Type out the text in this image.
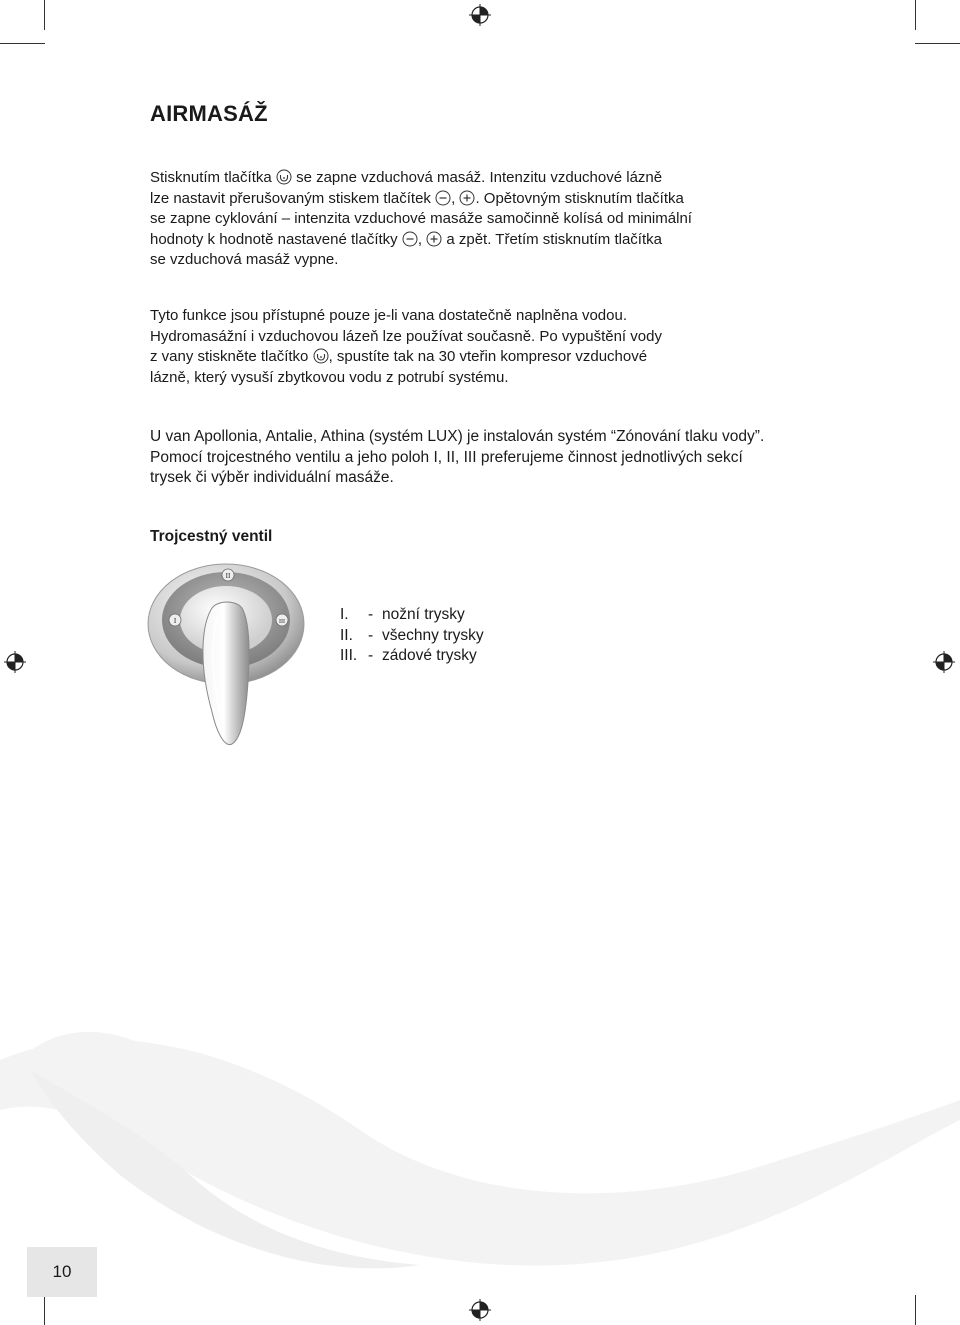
AIRMASÁŽ
Stisknutím tlačítka se zapne vzduchová masáž. Intenzitu vzduchové lázně
lze nastavit přerušovaným stiskem tlačítek , . Opětovným stisknutím tlačítka
se zapne cyklování – intenzita vzduchové masáže samočinně kolísá od minimální
hodnoty k hodnotě nastavené tlačítky , a zpět. Třetím stisknutím tlačítka
se vzduchová masáž vypne.
Tyto funkce jsou přístupné pouze je-li vana dostatečně naplněna vodou.
Hydromasážní i vzduchovou lázeň lze používat současně. Po vypuštění vody
z vany stiskněte tlačítko , spustíte tak na 30 vteřin kompresor vzduchové
lázně, který vysuší zbytkovou vodu z potrubí systému.
U van Apollonia, Antalie, Athina (systém LUX) je instalován systém “Zónování tlaku vody”.
Pomocí trojcestného ventilu a jeho poloh I, II, III preferujeme činnost jednotlivých sekcí
trysek či výběr individuální masáže.
Trojcestný ventil
II
I	III	I.	- nožní trysky
II. - všechny trysky
III. - zádové trysky
10
